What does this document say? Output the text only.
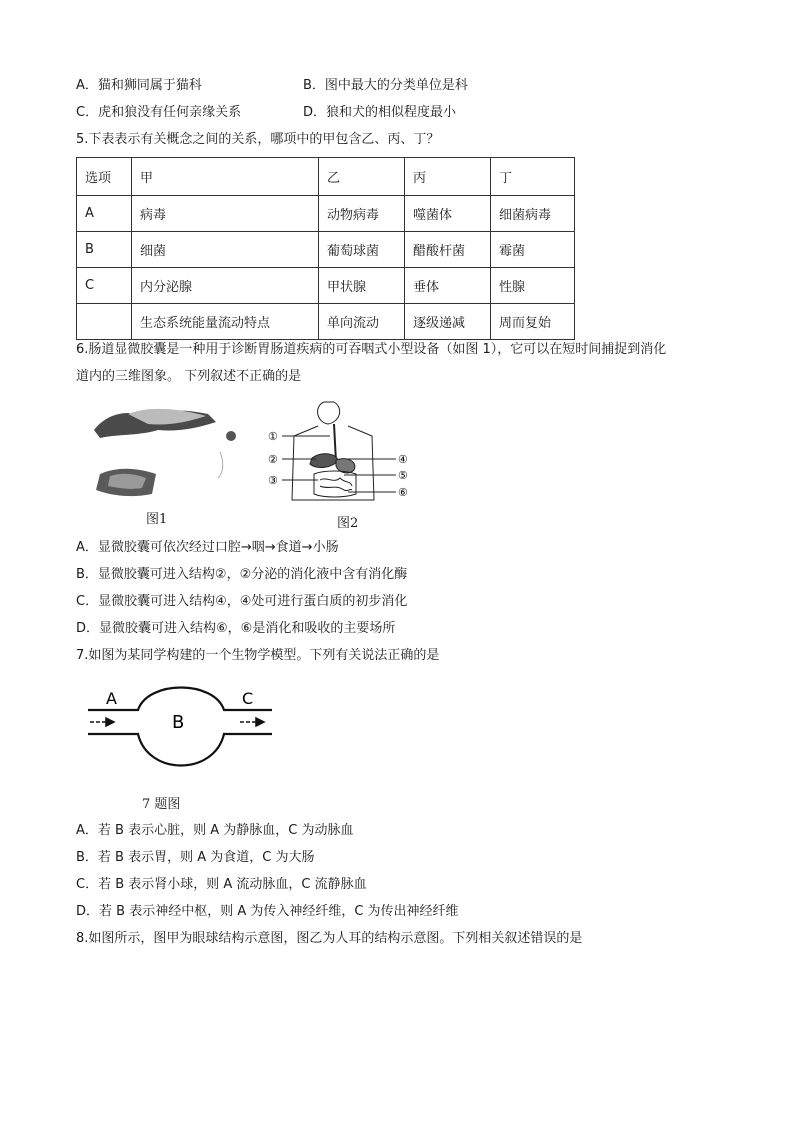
A．猫和狮同属于猫科	B．图中最大的分类单位是科
C．虎和狼没有任何亲缘关系	D．狼和犬的相似程度最小
5.下表表示有关概念之间的关系，哪项中的甲包含乙、丙、丁？
选项	甲	乙	丙	丁
A	病毒	动物病毒	噬菌体	细菌病毒
B	细菌	葡萄球菌	醋酸杆菌	霉菌
C	内分泌腺	甲状腺	垂体	性腺
	生态系统能量流动特点	单向流动	逐级递减	周而复始
6.肠道显微胶囊是一种用于诊断胃肠道疾病的可吞咽式小型设备（如图 1），它可以在短时间捕捉到消化
道内的三维图象。 下列叙述不正确的是
图1
①
②
③
④
⑤
⑥
图2
A．显微胶囊可依次经过口腔→咽→食道→小肠
B．显微胶囊可进入结构②，②分泌的消化液中含有消化酶
C．显微胶囊可进入结构④，④处可进行蛋白质的初步消化
D．显微胶囊可进入结构⑥，⑥是消化和吸收的主要场所
7.如图为某同学构建的一个生物学模型。下列有关说法正确的是
A
B
C
7 题图
A．若 B 表示心脏，则 A 为静脉血，C 为动脉血
B．若 B 表示胃，则 A 为食道，C 为大肠
C．若 B 表示肾小球，则 A 流动脉血，C 流静脉血
D．若 B 表示神经中枢，则 A 为传入神经纤维，C 为传出神经纤维
8.如图所示，图甲为眼球结构示意图，图乙为人耳的结构示意图。下列相关叙述错误的是
